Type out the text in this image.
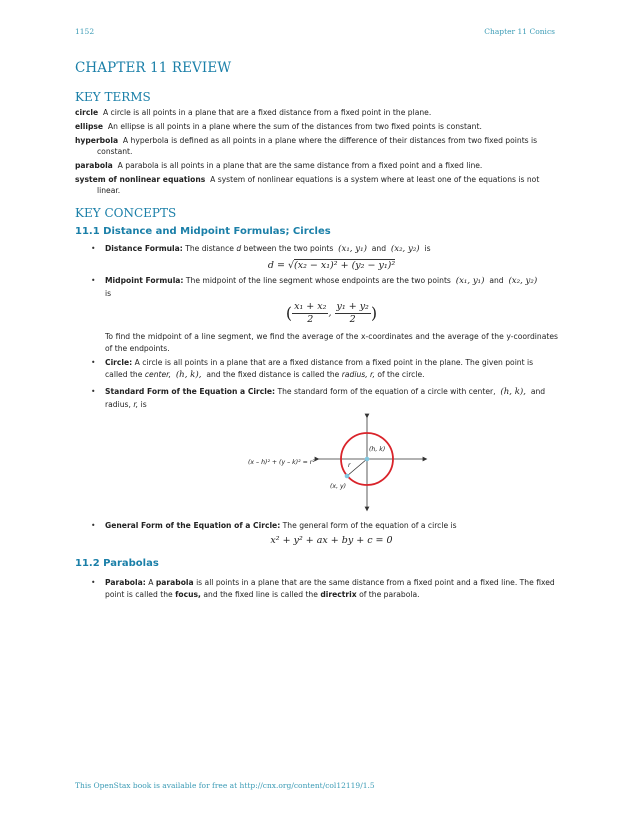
1152	Chapter 11 Conics
CHAPTER 11 REVIEW
KEY TERMS

circle A circle is all points in a plane that are a fixed distance from a fixed point in the plane.

ellipse An ellipse is all points in a plane where the sum of the distances from two fixed points is constant.

hyperbola A hyperbola is defined as all points in a plane where the difference of their distances from two fixed points is constant.

parabola A parabola is all points in a plane that are the same distance from a fixed point and a fixed line.

system of nonlinear equations A system of nonlinear equations is a system where at least one of the equations is not linear.

KEY CONCEPTS
11.1 Distance and Midpoint Formulas; Circles
• Distance Formula: The distance d between the two points (x₁, y₁) and (x₂, y₂) is
d = √(x₂ − x₁)² + (y₂ − y₁)²
• Midpoint Formula: The midpoint of the line segment whose endpoints are the two points (x₁, y₁) and (x₂, y₂)
is
( $\frac{\text{x₁ + x₂}}{2}$ , $\frac{\text{y₁ + y₂}}{2}$ )
To find the midpoint of a line segment, we find the average of the x-coordinates and the average of the y-coordinates of the endpoints.
• Circle: A circle is all points in a plane that are a fixed distance from a fixed point in the plane. The given point is called the center, (h, k), and the fixed distance is called the radius, r, of the circle.
• Standard Form of the Equation a Circle: The standard form of the equation of a circle with center, (h, k), and
radius, r, is
(x – h)² + (y – k)² = r²
(h, k)
r
(x, y)
• General Form of the Equation of a Circle: The general form of the equation of a circle is
x² + y² + ax + by + c = 0
11.2 Parabolas
• Parabola: A parabola is all points in a plane that are the same distance from a fixed point and a fixed line. The fixed point is called the focus, and the fixed line is called the directrix of the parabola.
This OpenStax book is available for free at http://cnx.org/content/col12119/1.5
